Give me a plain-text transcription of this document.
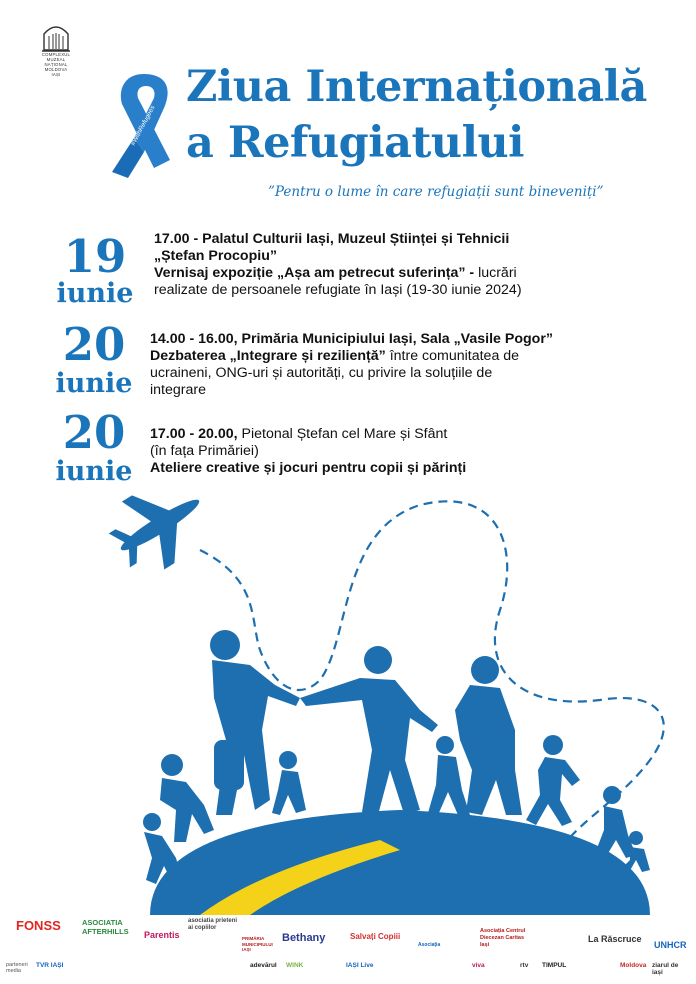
COMPLEXUL
MUZEAL
NAȚIONAL
MOLDOVA
IAȘI
#WithRefugees
Ziua Internațională
a Refugiatului
”Pentru o lume în care refugiații sunt bineveniți”
19
iunie
17.00 - Palatul Culturii Iași, Muzeul Științei și Tehnicii
„Ștefan Procopiu”
Vernisaj expoziție „Așa am petrecut suferința” - lucrări
realizate de persoanele refugiate în Iași (19-30 iunie 2024)
20
iunie
14.00 - 16.00, Primăria Municipiului Iași, Sala „Vasile Pogor”
Dezbaterea „Integrare și reziliență” între comunitatea de
ucraineni, ONG-uri și autorități, cu privire la soluțiile de
integrare
20
iunie
17.00 - 20.00, Pietonal Ștefan cel Mare și Sfânt
(în fața Primăriei)
Ateliere creative și jocuri pentru copii și părinți
FONSS	ASOCIATIA AFTERHILLS	Parentis
asociatia prieteni ai copiilor
PRIMĂRIA MUNICIPIULUI IAȘI
Bethany	Salvați Copiii
Asociația
Asociația Centrul Diecezan Caritas Iași
La Răscruce
UNHCR
parteneri media
TVR IAȘI	adevărul WINK	IAȘI Live	viva	rtv TIMPUL	Moldova ziarul de iași
